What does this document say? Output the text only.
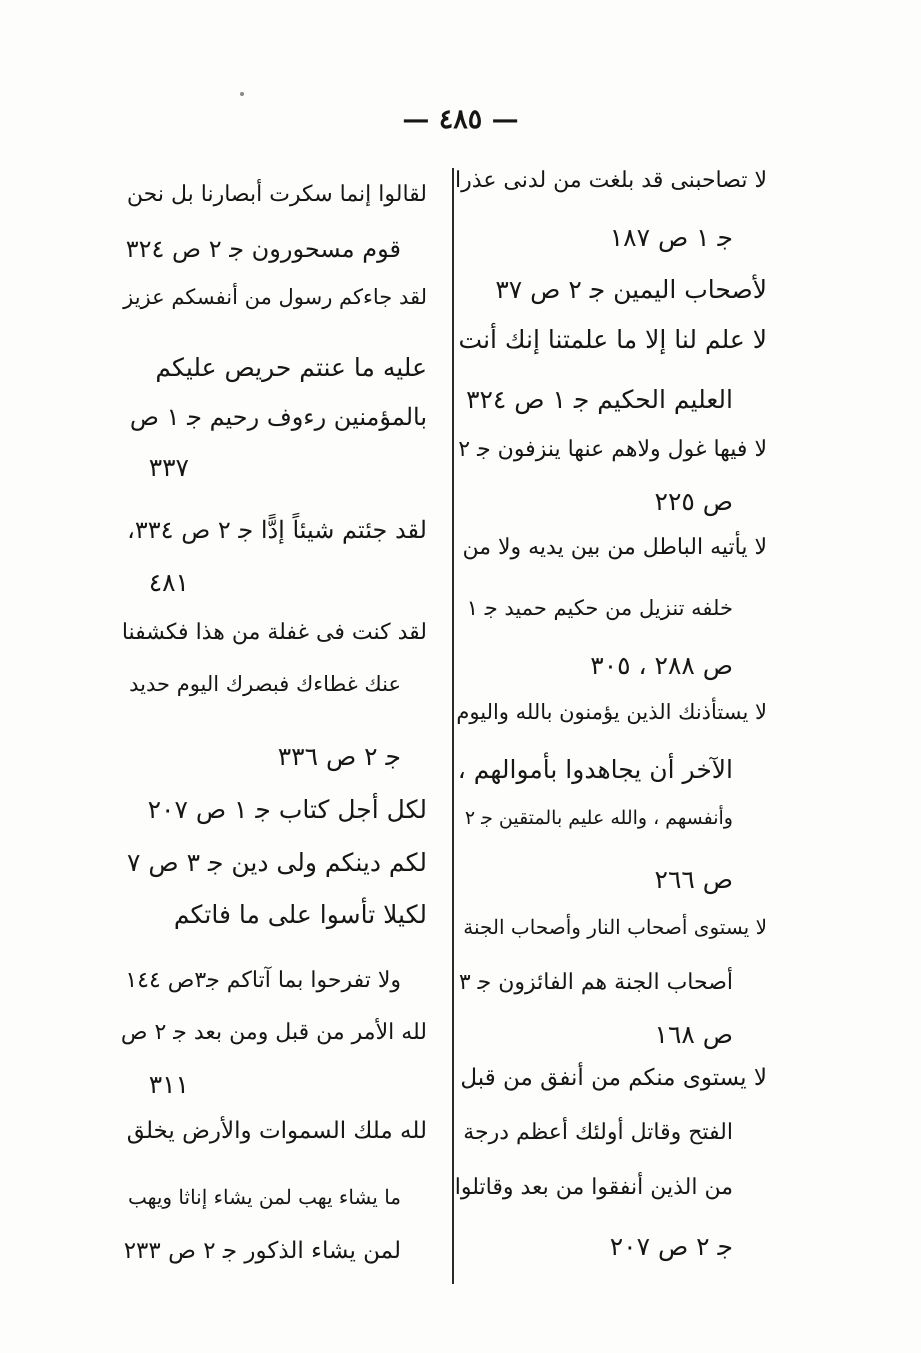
— ٤٨٥ —
لا تصاحبنى قد بلغت من لدنى عذرا
ﺟ ١ ص ١٨٧
لأصحاب اليمين ﺟ ٢ ص ٣٧
لا علم لنا إلا ما علمتنا إنك أنت
العليم الحكيم ﺟ ١ ص ٣٢٤
لا فيها غول ولاهم عنها ينزفون ﺟ ٢
ص ٢٢٥
لا يأتيه الباطل من بين يديه ولا من
خلفه تنزيل من حكيم حميد ﺟ ١
ص ٢٨٨ ، ٣٠٥
لا يستأذنك الذين يؤمنون بالله واليوم
الآخر أن يجاهدوا بأموالهم ،
وأنفسهم ، والله عليم بالمتقين ﺟ ٢
ص ٢٦٦
لا يستوى أصحاب النار وأصحاب الجنة
أصحاب الجنة هم الفائزون ﺟ ٣
ص ١٦٨
لا يستوى منكم من أنفق من قبل
الفتح وقاتل أولئك أعظم درجة
من الذين أنفقوا من بعد وقاتلوا
ﺟ ٢ ص ٢٠٧
لقالوا إنما سكرت أبصارنا بل نحن
قوم مسحورون ﺟ ٢ ص ٣٢٤
لقد جاءكم رسول من أنفسكم عزيز
عليه ما عنتم حريص عليكم
بالمؤمنين رءوف رحيم ﺟ ١ ص
٣٣٧
لقد جئتم شيئاً إدًّا ﺟ ٢ ص ٣٣٤،
٤٨١
لقد كنت فى غفلة من هذا فكشفنا
عنك غطاءك فبصرك اليوم حديد
ﺟ ٢ ص ٣٣٦
لكل أجل كتاب ﺟ ١ ص ٢٠٧
لكم دينكم ولى دين ﺟ ٣ ص ٧
لكيلا تأسوا على ما فاتكم
ولا تفرحوا بما آتاكم ﺟ٣ص ١٤٤
لله الأمر من قبل ومن بعد ﺟ ٢ ص
٣١١
لله ملك السموات والأرض يخلق
ما يشاء يهب لمن يشاء إناثا ويهب
لمن يشاء الذكور ﺟ ٢ ص ٢٣٣
